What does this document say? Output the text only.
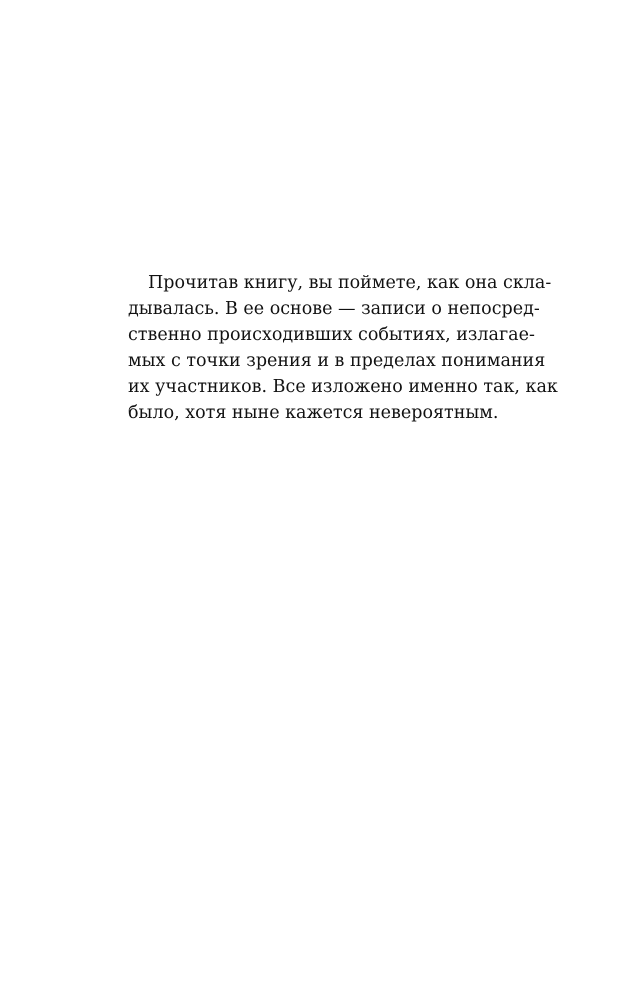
Прочитав книгу, вы поймете, как она скла-
дывалась. В ее основе — записи о непосред-
ственно происходивших событиях, излагае-
мых с точки зрения и в пределах понимания
их участников. Все изложено именно так, как
было, хотя ныне кажется невероятным.
